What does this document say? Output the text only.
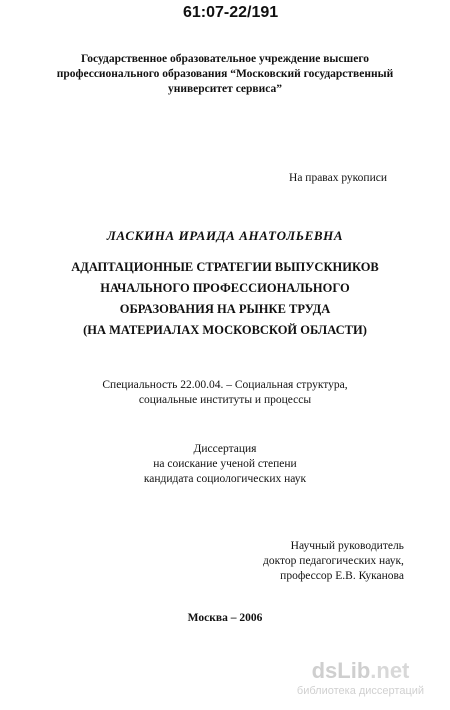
61:07-22/191
Государственное образовательное учреждение высшего
профессионального образования “Московский государственный
университет сервиса”
На правах рукописи
ЛАСКИНА ИРАИДА АНАТОЛЬЕВНА
АДАПТАЦИОННЫЕ СТРАТЕГИИ ВЫПУСКНИКОВ
НАЧАЛЬНОГО ПРОФЕССИОНАЛЬНОГО
ОБРАЗОВАНИЯ НА РЫНКЕ ТРУДА
(НА МАТЕРИАЛАХ МОСКОВСКОЙ ОБЛАСТИ)
Специальность 22.00.04. – Социальная структура,
социальные институты и процессы
Диссертация
на соискание ученой степени
кандидата социологических наук
Научный руководитель
доктор педагогических наук,
профессор Е.В. Куканова
Москва – 2006
dsLib.net
библиотека диссертаций
